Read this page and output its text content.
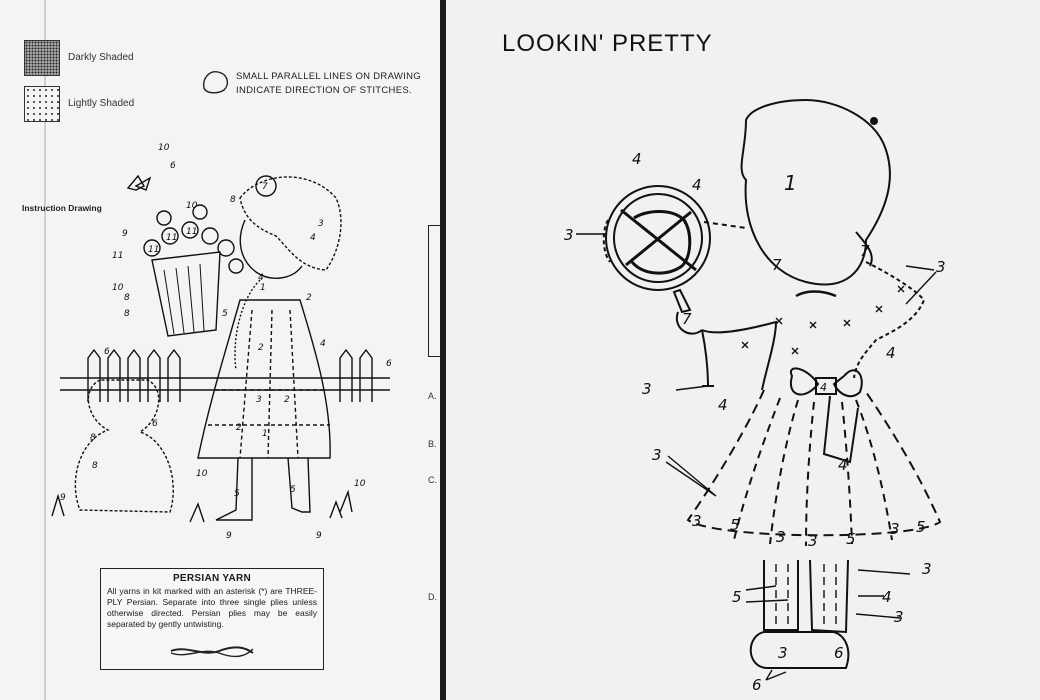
Darkly Shaded
Lightly Shaded
SMALL PARALLEL LINES ON DRAWING
INDICATE DIRECTION OF STITCHES.
Instruction Drawing
10
6
7
8
10
4
3
9	11
11
11
11
10
8
8	5
4
2
1
6
6
2	4
3 2
2
1
8
6
8
9
10
5	5
9	9
10
PERSIAN YARN
All yarns in kit marked with an asterisk (*) are THREE-PLY Persian. Separate into three single plies unless otherwise directed. Persian plies may be easily separated by gently untwisting.
A.
B.
C.
D.
LOOKIN' PRETTY
4
4
3
1
7
7
3
7
3
4
4
4
4
3
3 5
3 3 5
3 5
3
4
5
3
3	6
6
